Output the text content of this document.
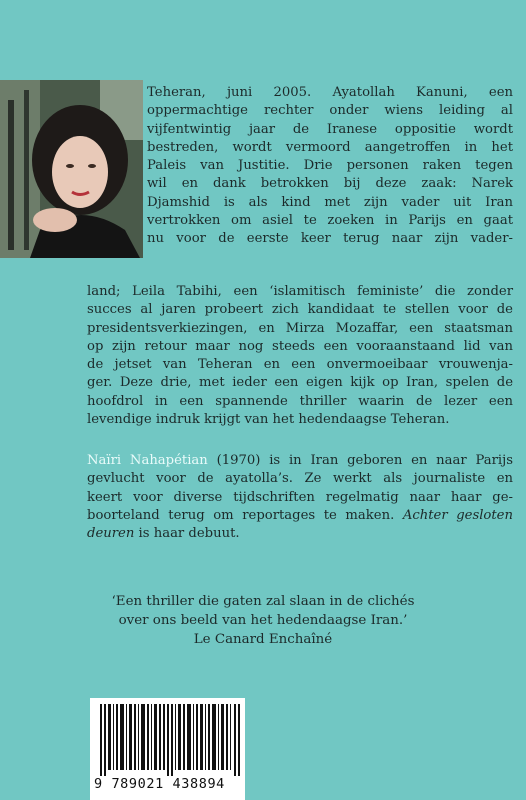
Teheran, juni 2005. Ayatollah Kanuni, een
oppermachtige rechter onder wiens leiding al
vijfentwintig jaar de Iranese oppositie wordt
bestreden, wordt vermoord aangetroffen in het
Paleis van Justitie. Drie personen raken tegen
wil en dank betrokken bij deze zaak: Narek
Djamshid is als kind met zijn vader uit Iran
vertrokken om asiel te zoeken in Parijs en gaat
nu voor de eerste keer terug naar zijn vader-
land; Leila Tabihi, een ‘islamitisch feministe’ die zonder
succes al jaren probeert zich kandidaat te stellen voor de
presidentsverkiezingen, en Mirza Mozaffar, een staatsman
op zijn retour maar nog steeds een vooraanstaand lid van
de jetset van Teheran en een onvermoeibaar vrouwenja-
ger. Deze drie, met ieder een eigen kijk op Iran, spelen de
hoofdrol in een spannende thriller waarin de lezer een
levendige indruk krijgt van het hedendaagse Teheran.
Naïri Nahapétian (1970) is in Iran geboren en naar Parijs
gevlucht voor de ayatolla’s. Ze werkt als journaliste en
keert voor diverse tijdschriften regelmatig naar haar ge-
boorteland terug om reportages te maken. Achter gesloten
deuren is haar debuut.
‘Een thriller die gaten zal slaan in de clichés
over ons beeld van het hedendaagse Iran.’
Le Canard Enchaîné
9 789021 438894
